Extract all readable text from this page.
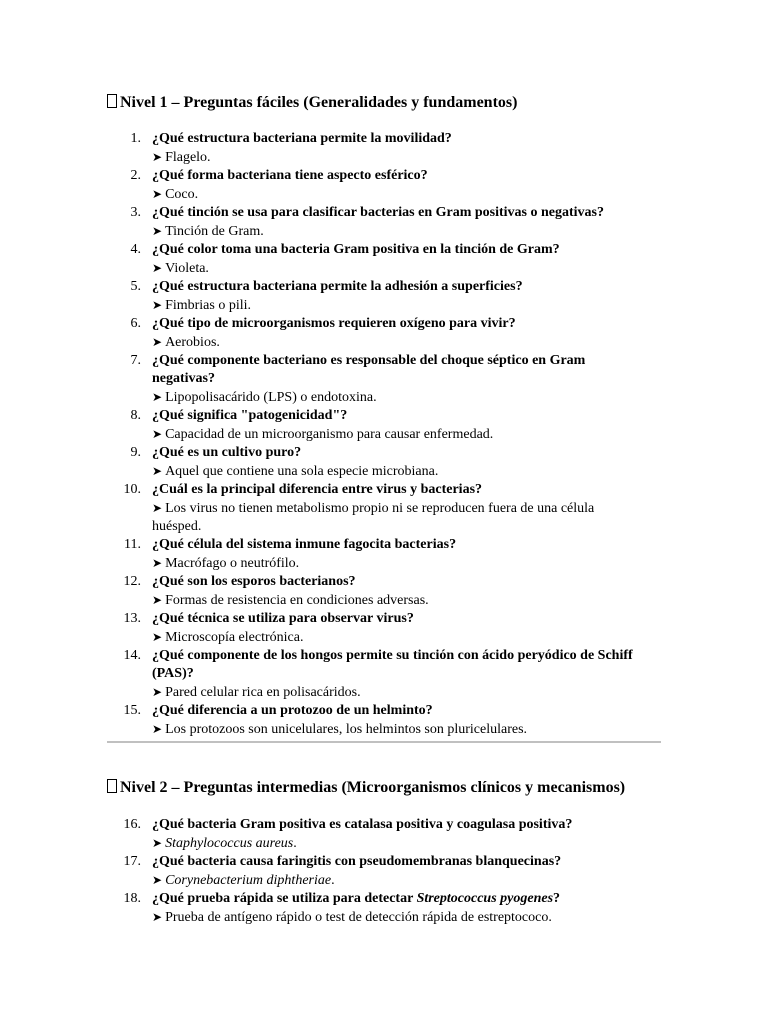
Nivel 1 – Preguntas fáciles (Generalidades y fundamentos)
1. ¿Qué estructura bacteriana permite la movilidad?
➤ Flagelo.
2. ¿Qué forma bacteriana tiene aspecto esférico?
➤ Coco.
3. ¿Qué tinción se usa para clasificar bacterias en Gram positivas o negativas?
➤ Tinción de Gram.
4. ¿Qué color toma una bacteria Gram positiva en la tinción de Gram?
➤ Violeta.
5. ¿Qué estructura bacteriana permite la adhesión a superficies?
➤ Fimbrias o pili.
6. ¿Qué tipo de microorganismos requieren oxígeno para vivir?
➤ Aerobios.
7. ¿Qué componente bacteriano es responsable del choque séptico en Gram negativas?
➤ Lipopolisacárido (LPS) o endotoxina.
8. ¿Qué significa "patogenicidad"?
➤ Capacidad de un microorganismo para causar enfermedad.
9. ¿Qué es un cultivo puro?
➤ Aquel que contiene una sola especie microbiana.
10. ¿Cuál es la principal diferencia entre virus y bacterias?
➤ Los virus no tienen metabolismo propio ni se reproducen fuera de una célula huésped.
11. ¿Qué célula del sistema inmune fagocita bacterias?
➤ Macrófago o neutrófilo.
12. ¿Qué son los esporos bacterianos?
➤ Formas de resistencia en condiciones adversas.
13. ¿Qué técnica se utiliza para observar virus?
➤ Microscopía electrónica.
14. ¿Qué componente de los hongos permite su tinción con ácido peryódico de Schiff (PAS)?
➤ Pared celular rica en polisacáridos.
15. ¿Qué diferencia a un protozoo de un helminto?
➤ Los protozoos son unicelulares, los helmintos son pluricelulares.
Nivel 2 – Preguntas intermedias (Microorganismos clínicos y mecanismos)
16. ¿Qué bacteria Gram positiva es catalasa positiva y coagulasa positiva?
➤ Staphylococcus aureus.
17. ¿Qué bacteria causa faringitis con pseudomembranas blanquecinas?
➤ Corynebacterium diphtheriae.
18. ¿Qué prueba rápida se utiliza para detectar Streptococcus pyogenes?
➤ Prueba de antígeno rápido o test de detección rápida de estreptococo.
